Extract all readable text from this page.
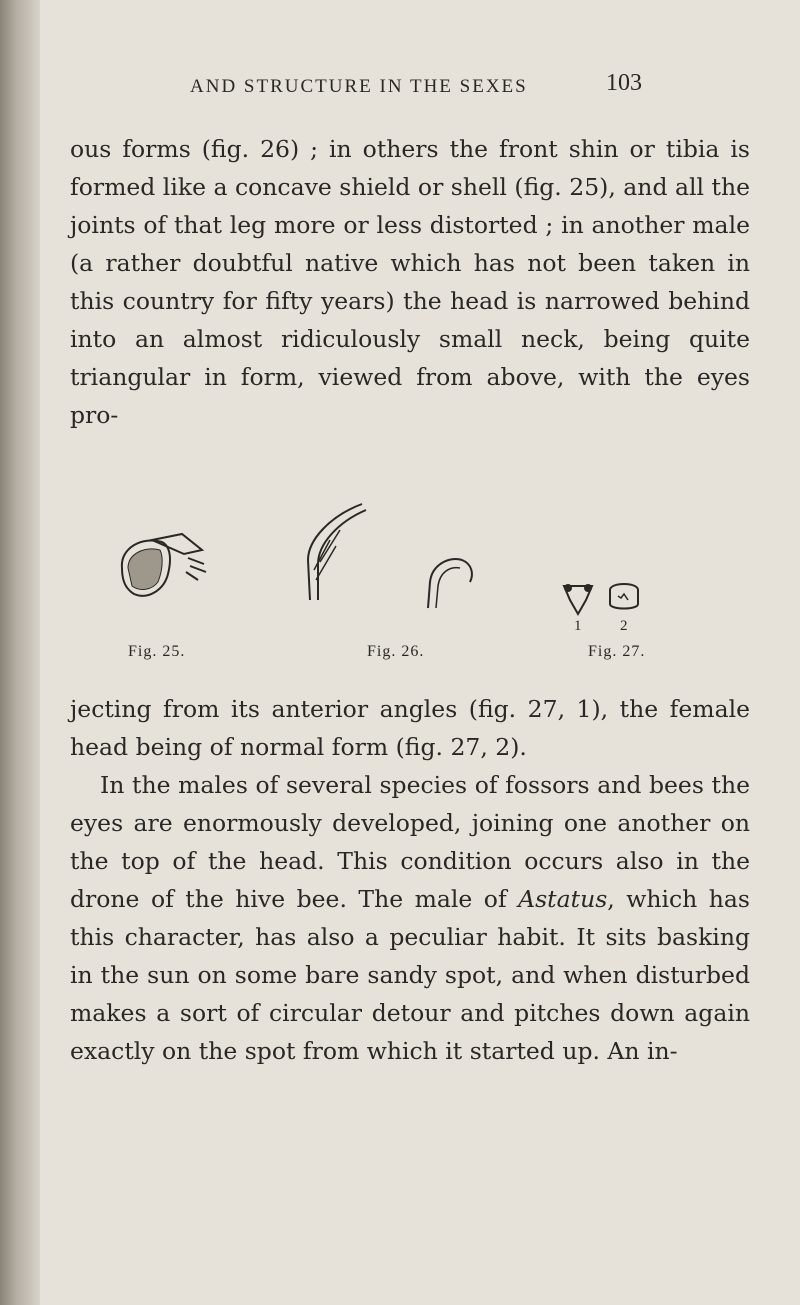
AND STRUCTURE IN THE SEXES	103

ous forms (fig. 26) ; in others the front shin or tibia is formed like a concave shield or shell (fig. 25), and all the joints of that leg more or less distorted ; in another male (a rather doubtful native which has not been taken in this country for fifty years) the head is narrowed behind into an almost ridiculously small neck, being quite triangular in form, viewed from above, with the eyes pro-

Fig. 25.	Fig. 26.
1	2
Fig. 27.

jecting from its anterior angles (fig. 27, 1), the female head being of normal form (fig. 27, 2).

In the males of several species of fossors and bees the eyes are enormously developed, joining one another on the top of the head. This condition occurs also in the drone of the hive bee. The male of Astatus, which has this character, has also a peculiar habit. It sits basking in the sun on some bare sandy spot, and when disturbed makes a sort of circular detour and pitches down again exactly on the spot from which it started up. An in-
